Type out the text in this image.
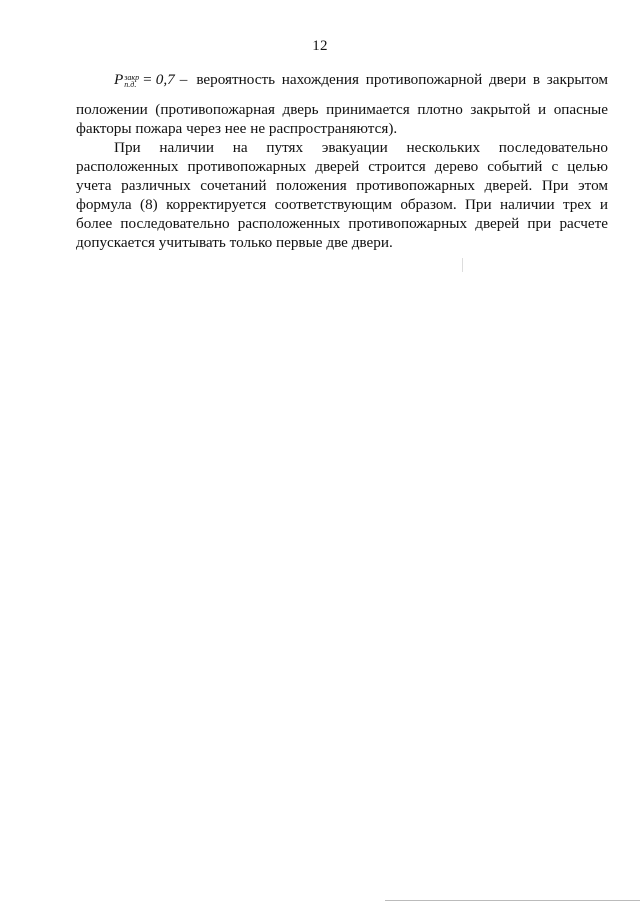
12
P закр
п.д. = 0,7 – вероятность нахождения противопожарной двери в закрытом

положении (противопожарная дверь принимается плотно закрытой и опасные факторы пожара через нее не распространяются).

При наличии на путях эвакуации нескольких последовательно расположенных противопожарных дверей строится дерево событий с целью учета различных сочетаний положения противопожарных дверей. При этом формула (8) корректируется соответствующим образом. При наличии трех и более последовательно расположенных противопожарных дверей при расчете допускается учитывать только первые две двери.
